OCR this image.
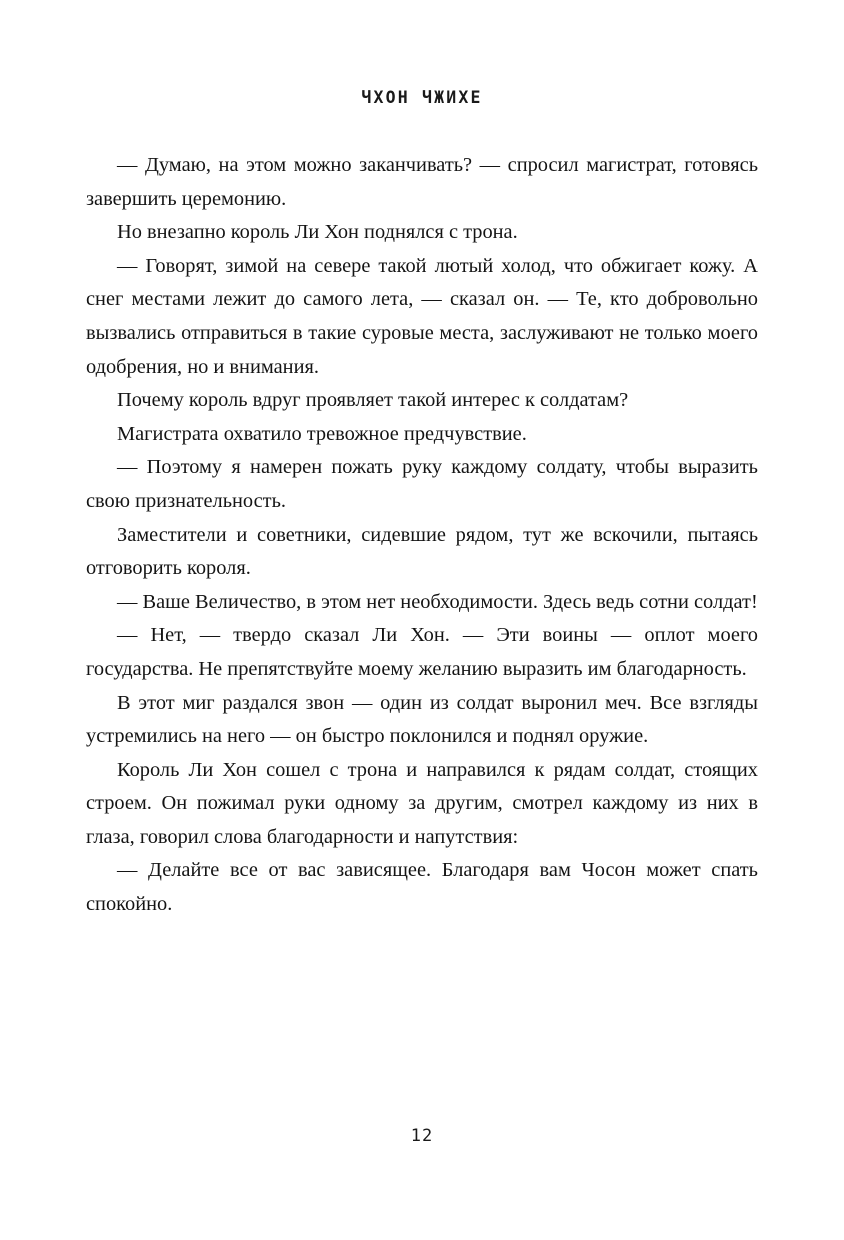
ЧХОН ЧЖИХЕ

— Думаю, на этом можно заканчивать? — спросил магистрат, готовясь завершить церемонию.

Но внезапно король Ли Хон поднялся с трона.

— Говорят, зимой на севере такой лютый холод, что обжигает кожу. А снег местами лежит до самого лета, — сказал он. — Те, кто добровольно вызвались отправиться в такие суровые места, заслуживают не только моего одобрения, но и внимания.

Почему король вдруг проявляет такой интерес к солдатам?

Магистрата охватило тревожное предчувствие.

— Поэтому я намерен пожать руку каждому солдату, чтобы выразить свою признательность.

Заместители и советники, сидевшие рядом, тут же вскочили, пытаясь отговорить короля.

— Ваше Величество, в этом нет необходимости. Здесь ведь сотни солдат!

— Нет, — твердо сказал Ли Хон. — Эти воины — оплот моего государства. Не препятствуйте моему желанию выразить им благодарность.

В этот миг раздался звон — один из солдат выронил меч. Все взгляды устремились на него — он быстро поклонился и поднял оружие.

Король Ли Хон сошел с трона и направился к рядам солдат, стоящих строем. Он пожимал руки одному за другим, смотрел каждому из них в глаза, говорил слова благодарности и напутствия:

— Делайте все от вас зависящее. Благодаря вам Чосон может спать спокойно.

12
